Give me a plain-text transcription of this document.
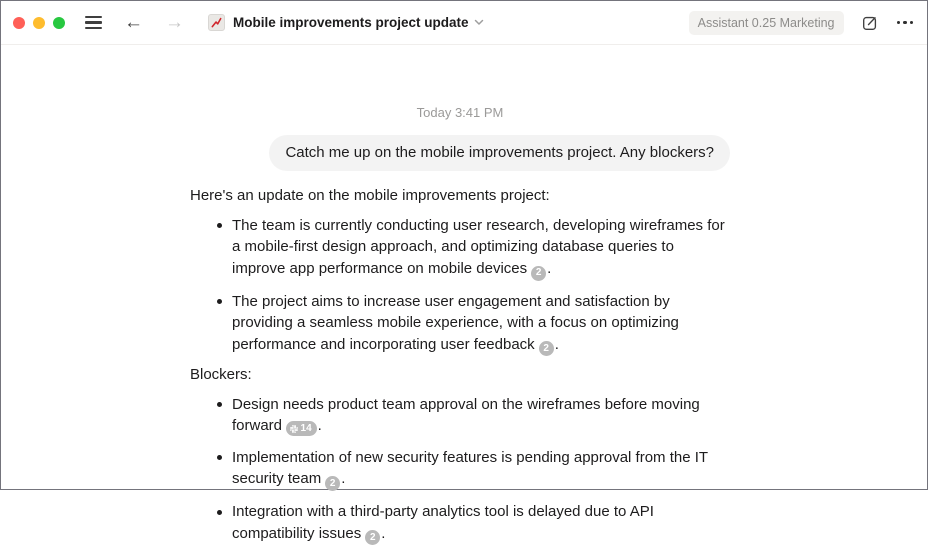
← →	Mobile improvements project update	Assistant 0.25 Marketing
Today 3:41 PM
Catch me up on the mobile improvements project. Any blockers?

Here's an update on the mobile improvements project:

The team is currently conducting user research, developing wireframes for a mobile-first design approach, and optimizing database queries to improve app performance on mobile devices 2 .
The project aims to increase user engagement and satisfaction by providing a seamless mobile experience, with a focus on optimizing performance and incorporating user feedback 2 .

Blockers:

Design needs product team approval on the wireframes before moving forward 14 .
Implementation of new security features is pending approval from the IT security team 2 .
Integration with a third-party analytics tool is delayed due to API compatibility issues 2 .
